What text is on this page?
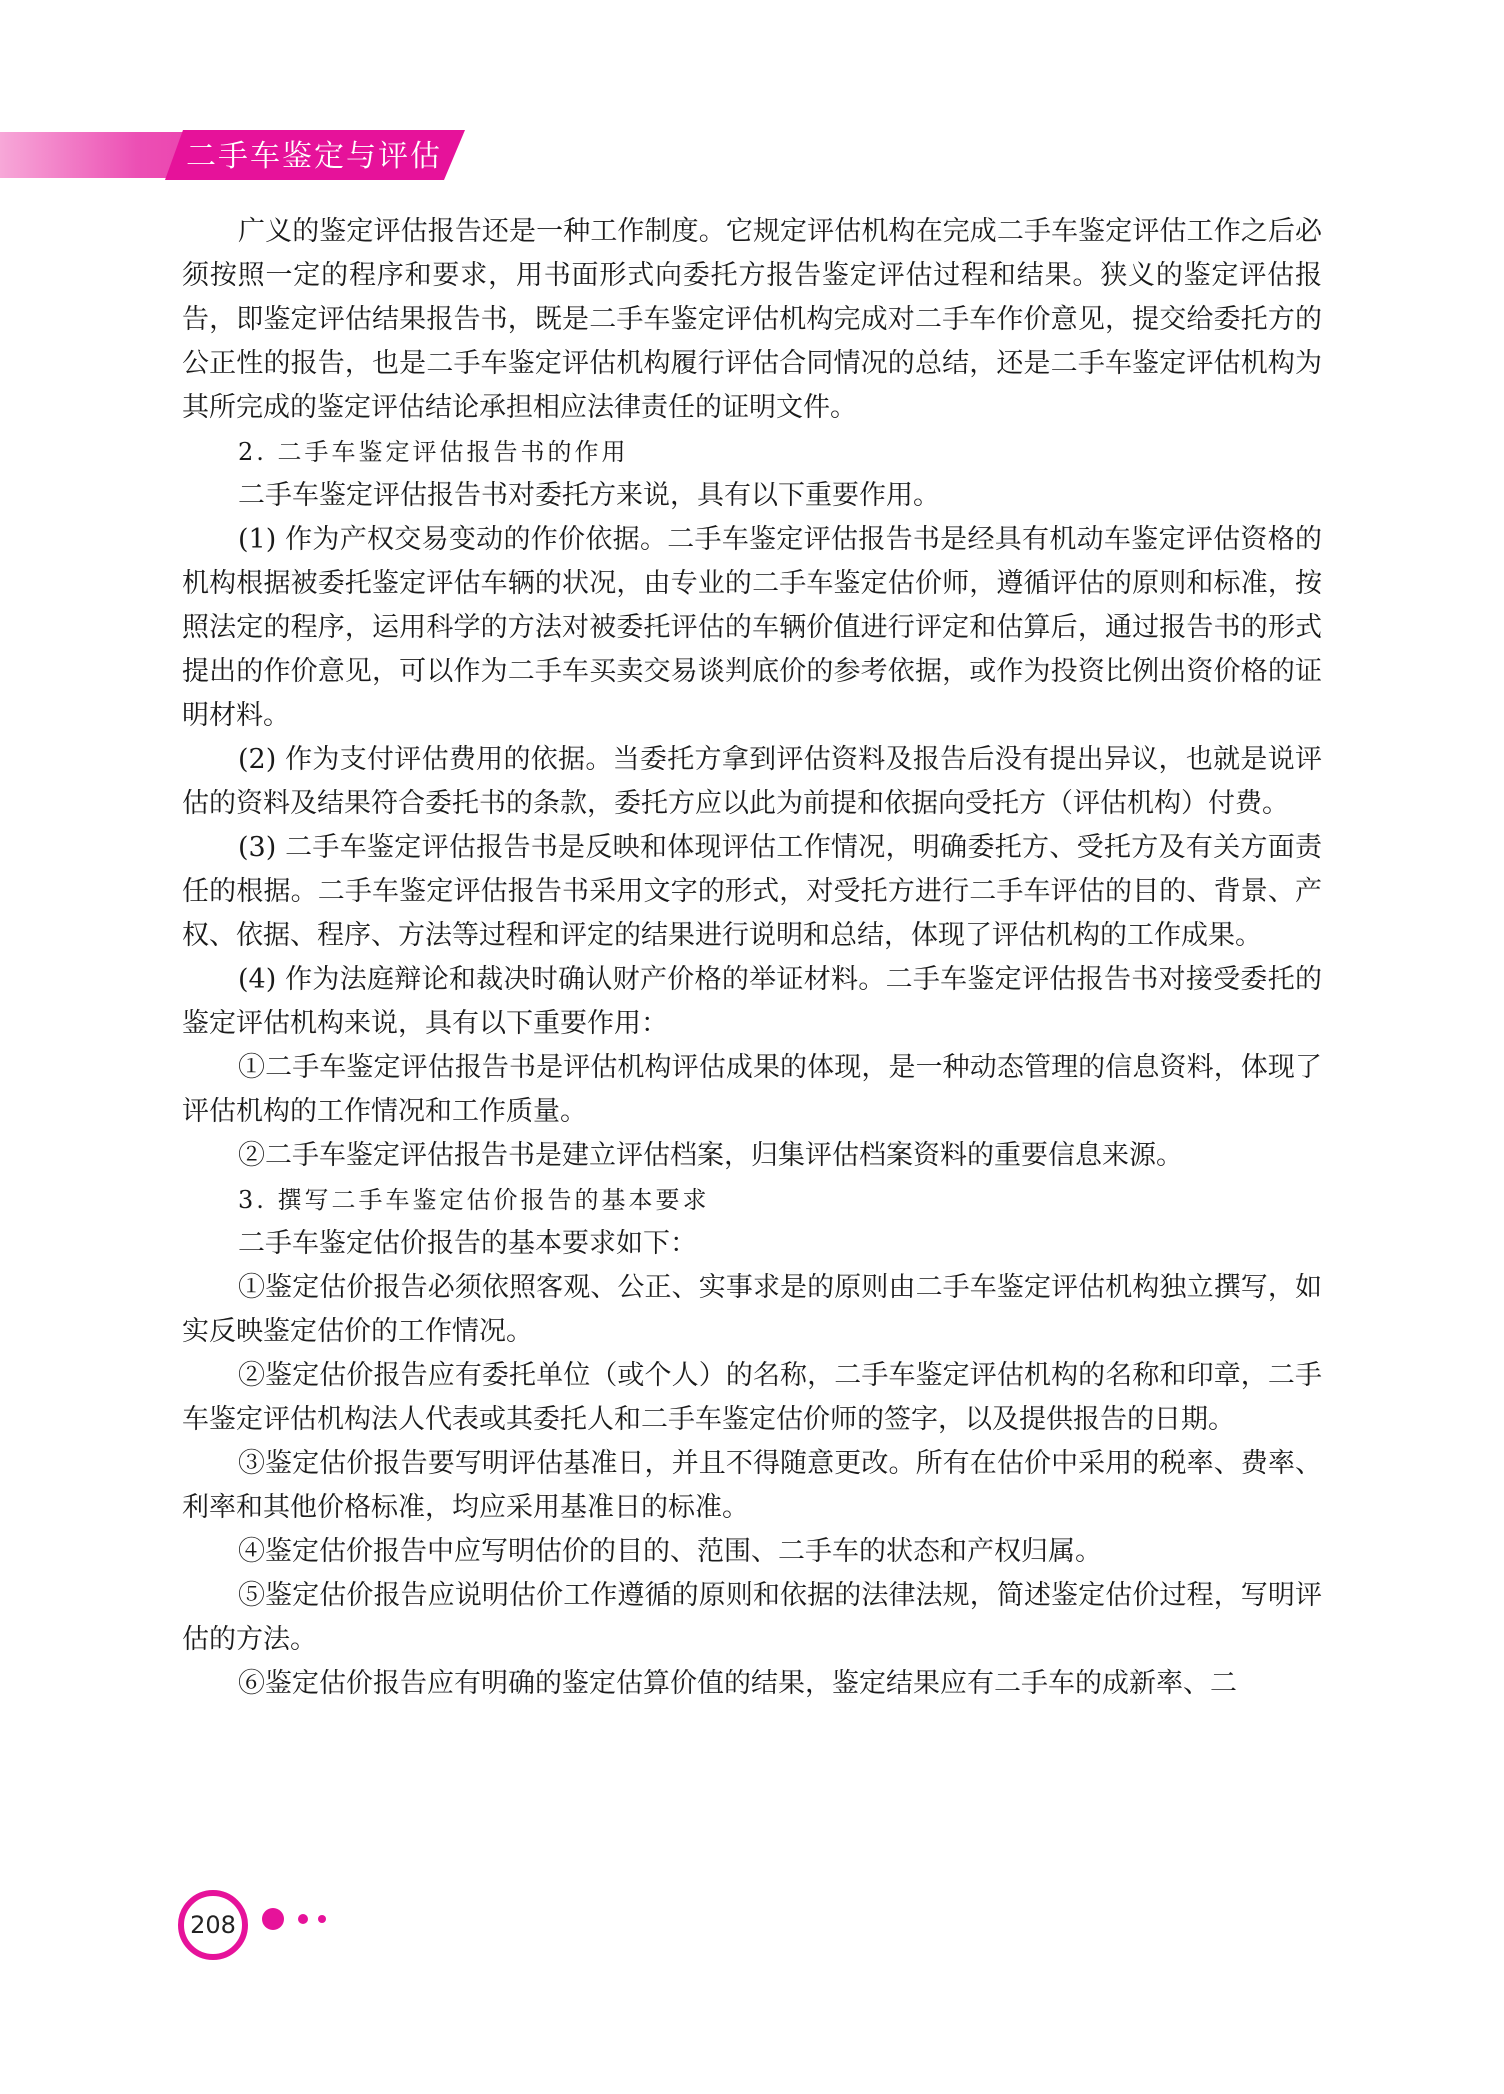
二手车鉴定与评估

广义的鉴定评估报告还是一种工作制度。它规定评估机构在完成二手车鉴定评估工作之后必须按照一定的程序和要求，用书面形式向委托方报告鉴定评估过程和结果。狭义的鉴定评估报告，即鉴定评估结果报告书，既是二手车鉴定评估机构完成对二手车作价意见，提交给委托方的公正性的报告，也是二手车鉴定评估机构履行评估合同情况的总结，还是二手车鉴定评估机构为其所完成的鉴定评估结论承担相应法律责任的证明文件。

2. 二手车鉴定评估报告书的作用

二手车鉴定评估报告书对委托方来说，具有以下重要作用。

(1) 作为产权交易变动的作价依据。二手车鉴定评估报告书是经具有机动车鉴定评估资格的机构根据被委托鉴定评估车辆的状况，由专业的二手车鉴定估价师，遵循评估的原则和标准，按照法定的程序，运用科学的方法对被委托评估的车辆价值进行评定和估算后，通过报告书的形式提出的作价意见，可以作为二手车买卖交易谈判底价的参考依据，或作为投资比例出资价格的证明材料。

(2) 作为支付评估费用的依据。当委托方拿到评估资料及报告后没有提出异议，也就是说评估的资料及结果符合委托书的条款，委托方应以此为前提和依据向受托方（评估机构）付费。

(3) 二手车鉴定评估报告书是反映和体现评估工作情况，明确委托方、受托方及有关方面责任的根据。二手车鉴定评估报告书采用文字的形式，对受托方进行二手车评估的目的、背景、产权、依据、程序、方法等过程和评定的结果进行说明和总结，体现了评估机构的工作成果。

(4) 作为法庭辩论和裁决时确认财产价格的举证材料。二手车鉴定评估报告书对接受委托的鉴定评估机构来说，具有以下重要作用：

①二手车鉴定评估报告书是评估机构评估成果的体现，是一种动态管理的信息资料，体现了评估机构的工作情况和工作质量。

②二手车鉴定评估报告书是建立评估档案，归集评估档案资料的重要信息来源。

3. 撰写二手车鉴定估价报告的基本要求

二手车鉴定估价报告的基本要求如下：

①鉴定估价报告必须依照客观、公正、实事求是的原则由二手车鉴定评估机构独立撰写，如实反映鉴定估价的工作情况。

②鉴定估价报告应有委托单位（或个人）的名称，二手车鉴定评估机构的名称和印章，二手车鉴定评估机构法人代表或其委托人和二手车鉴定估价师的签字，以及提供报告的日期。

③鉴定估价报告要写明评估基准日，并且不得随意更改。所有在估价中采用的税率、费率、利率和其他价格标准，均应采用基准日的标准。

④鉴定估价报告中应写明估价的目的、范围、二手车的状态和产权归属。

⑤鉴定估价报告应说明估价工作遵循的原则和依据的法律法规，简述鉴定估价过程，写明评估的方法。

⑥鉴定估价报告应有明确的鉴定估算价值的结果，鉴定结果应有二手车的成新率、二

208
